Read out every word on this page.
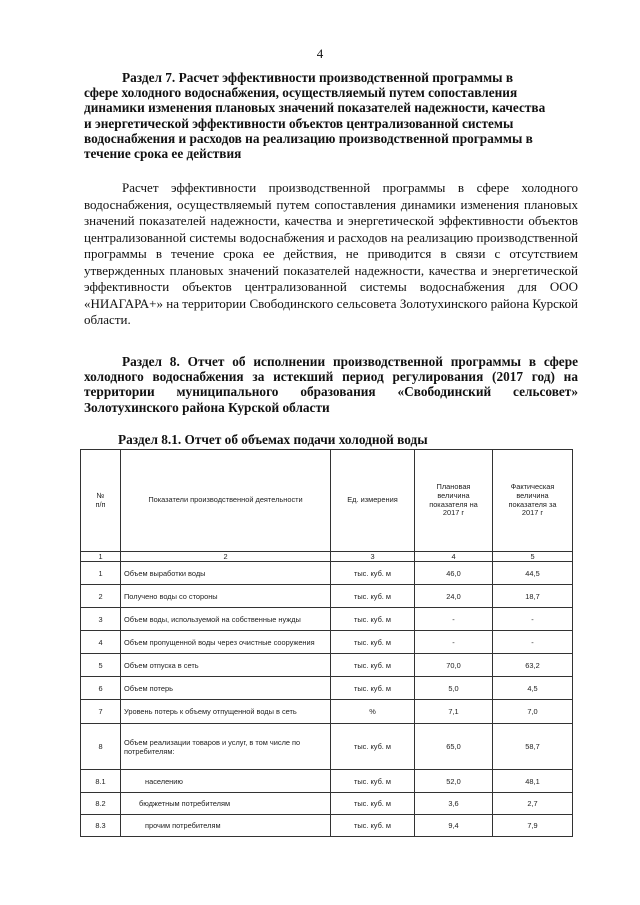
4
Раздел 7. Расчет эффективности производственной программы в
сфере холодного водоснабжения, осуществляемый путем сопоставления
динамики изменения плановых значений показателей надежности, качества
и энергетической эффективности объектов централизованной системы
водоснабжения и расходов на реализацию производственной программы в
течение срока ее действия
Расчет эффективности производственной программы в сфере холодного водоснабжения, осуществляемый путем сопоставления динамики изменения плановых значений показателей надежности, качества и энергетической эффективности объектов централизованной системы водоснабжения и расходов на реализацию производственной программы в течение срока ее действия, не приводится в связи с отсутствием утвержденных плановых значений показателей надежности, качества и энергетической эффективности объектов централизованной системы водоснабжения для ООО «НИАГАРА+» на территории Свободинского сельсовета Золотухинского района Курской области.
Раздел 8. Отчет об исполнении производственной программы в сфере холодного водоснабжения за истекший период регулирования (2017 год) на территории муниципального образования «Свободинский сельсовет» Золотухинского района Курской области
Раздел 8.1. Отчет об объемах подачи холодной воды
№
п/п	Показатели производственной деятельности	Ед. измерения	Плановая
величина
показателя на
2017 г	Фактическая
величина
показателя за
2017 г
1	2	3	4	5
1	Объем выработки воды	тыс. куб. м	46,0	44,5
2	Получено воды со стороны	тыс. куб. м	24,0	18,7
3	Объем воды, используемой на собственные нужды	тыс. куб. м	-	-
4	Объем пропущенной воды через очистные сооружения	тыс. куб. м	-	-
5	Объем отпуска в сеть	тыс. куб. м	70,0	63,2
6	Объем потерь	тыс. куб. м	5,0	4,5
7	Уровень потерь к объему отпущенной воды в сеть	%	7,1	7,0
8	Объем реализации товаров и услуг, в том числе по потребителям:	тыс. куб. м	65,0	58,7
8.1	населению	тыс. куб. м	52,0	48,1
8.2	бюджетным потребителям	тыс. куб. м	3,6	2,7
8.3	прочим потребителям	тыс. куб. м	9,4	7,9
